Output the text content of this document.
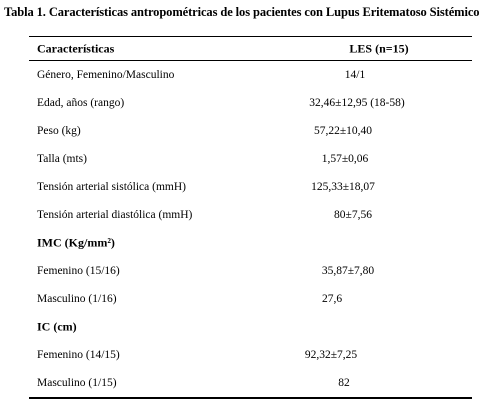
Tabla 1. Características antropométricas de los pacientes con Lupus Eritematoso Sistémico
Características	LES (n=15)
Género, Femenino/Masculino	14/1
Edad, años (rango)	32,46±12,95 (18-58)
Peso (kg)	57,22±10,40
Talla (mts)	1,57±0,06
Tensión arterial sistólica (mmH)	125,33±18,07
Tensión arterial diastólica (mmH)	80±7,56
IMC (Kg/mm²)
Femenino (15/16)	35,87±7,80
Masculino (1/16)	27,6
IC (cm)
Femenino (14/15)	92,32±7,25
Masculino (1/15)	82
